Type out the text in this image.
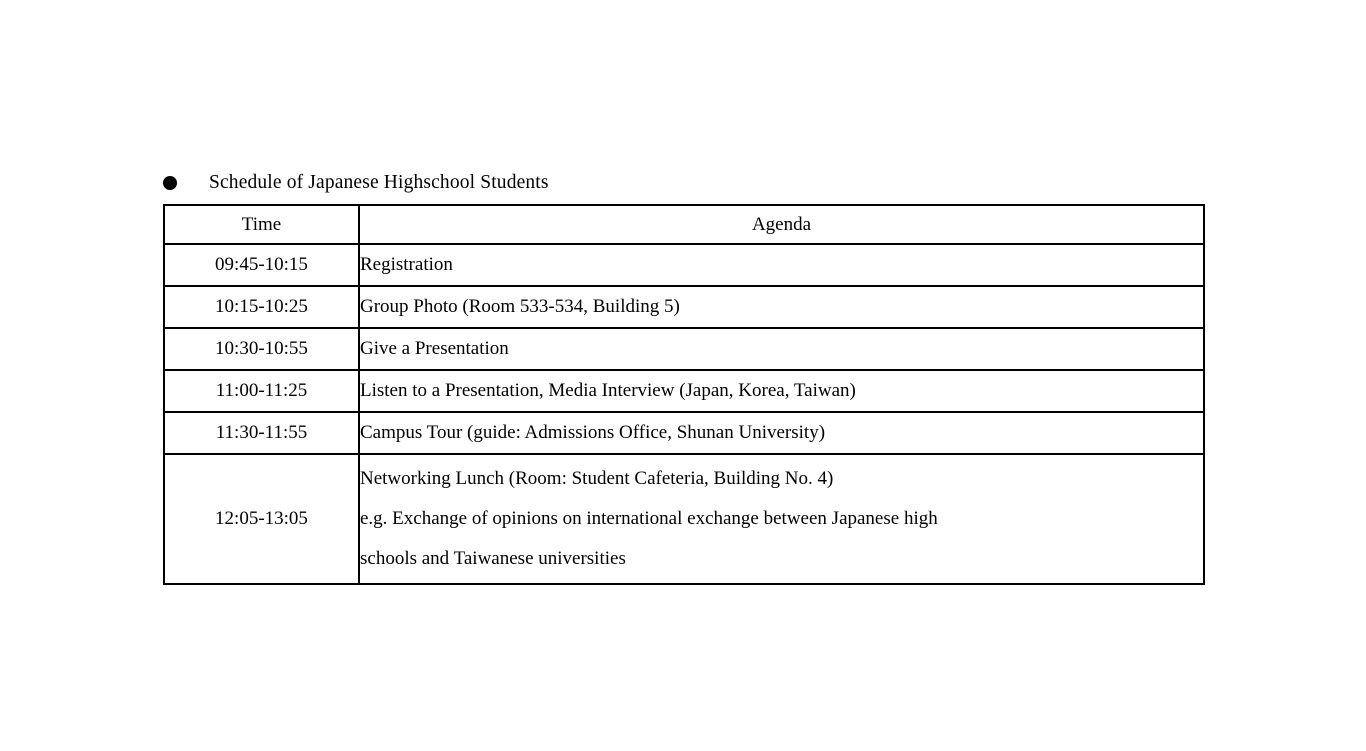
Schedule of Japanese Highschool Students
Time	Agenda
09:45-10:15	Registration

10:15-10:25	Group Photo (Room 533-534, Building 5)

10:30-10:55	Give a Presentation

11:00-11:25	Listen to a Presentation, Media Interview (Japan, Korea, Taiwan)

11:30-11:55	Campus Tour (guide: Admissions Office, Shunan University)

12:05-13:05	Networking Lunch (Room: Student Cafeteria, Building No. 4)
e.g. Exchange of opinions on international exchange between Japanese high
schools and Taiwanese universities
